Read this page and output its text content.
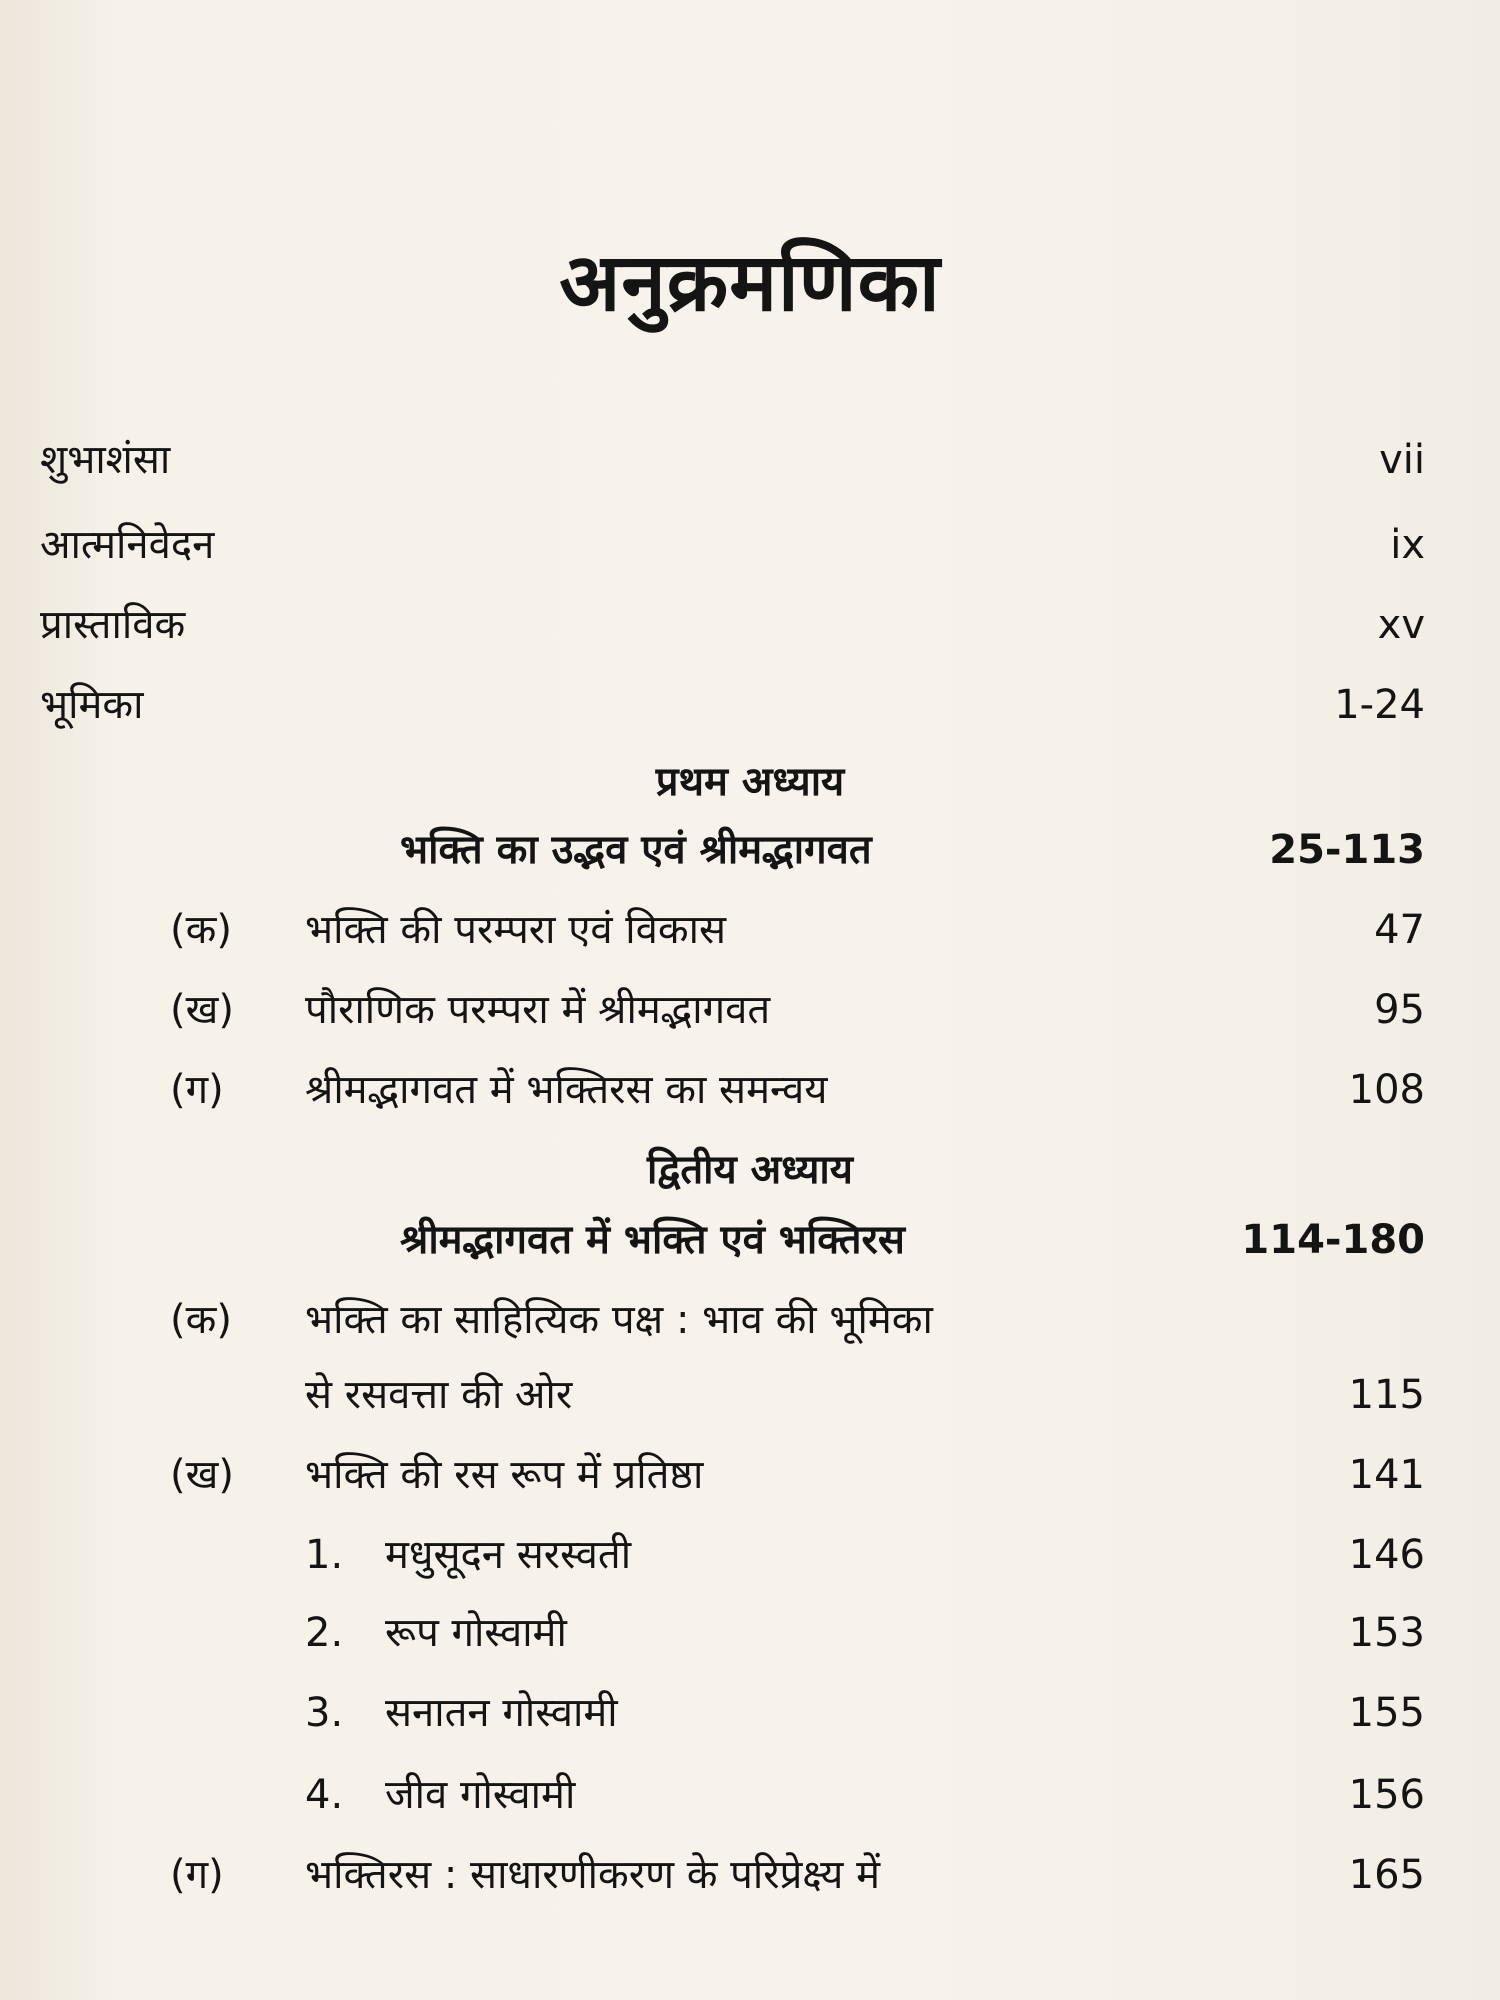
अनुक्रमणिका
शुभाशंसा	vii
आत्मनिवेदन	ix
प्रास्ताविक	xv
भूमिका	1-24
प्रथम अध्याय
भक्ति का उद्भव एवं श्रीमद्भागवत	25-113
(क) भक्ति की परम्परा एवं विकास	47
(ख) पौराणिक परम्परा में श्रीमद्भागवत	95
(ग) श्रीमद्भागवत में भक्तिरस का समन्वय	108
द्वितीय अध्याय
श्रीमद्भागवत में भक्ति एवं भक्तिरस	114-180
(क) भक्ति का साहित्यिक पक्ष : भाव की भूमिका
से रसवत्ता की ओर	115
(ख) भक्ति की रस रूप में प्रतिष्ठा	141
1. मधुसूदन सरस्वती	146
2. रूप गोस्वामी	153
3. सनातन गोस्वामी	155
4. जीव गोस्वामी	156
(ग) भक्तिरस : साधारणीकरण के परिप्रेक्ष्य में	165
